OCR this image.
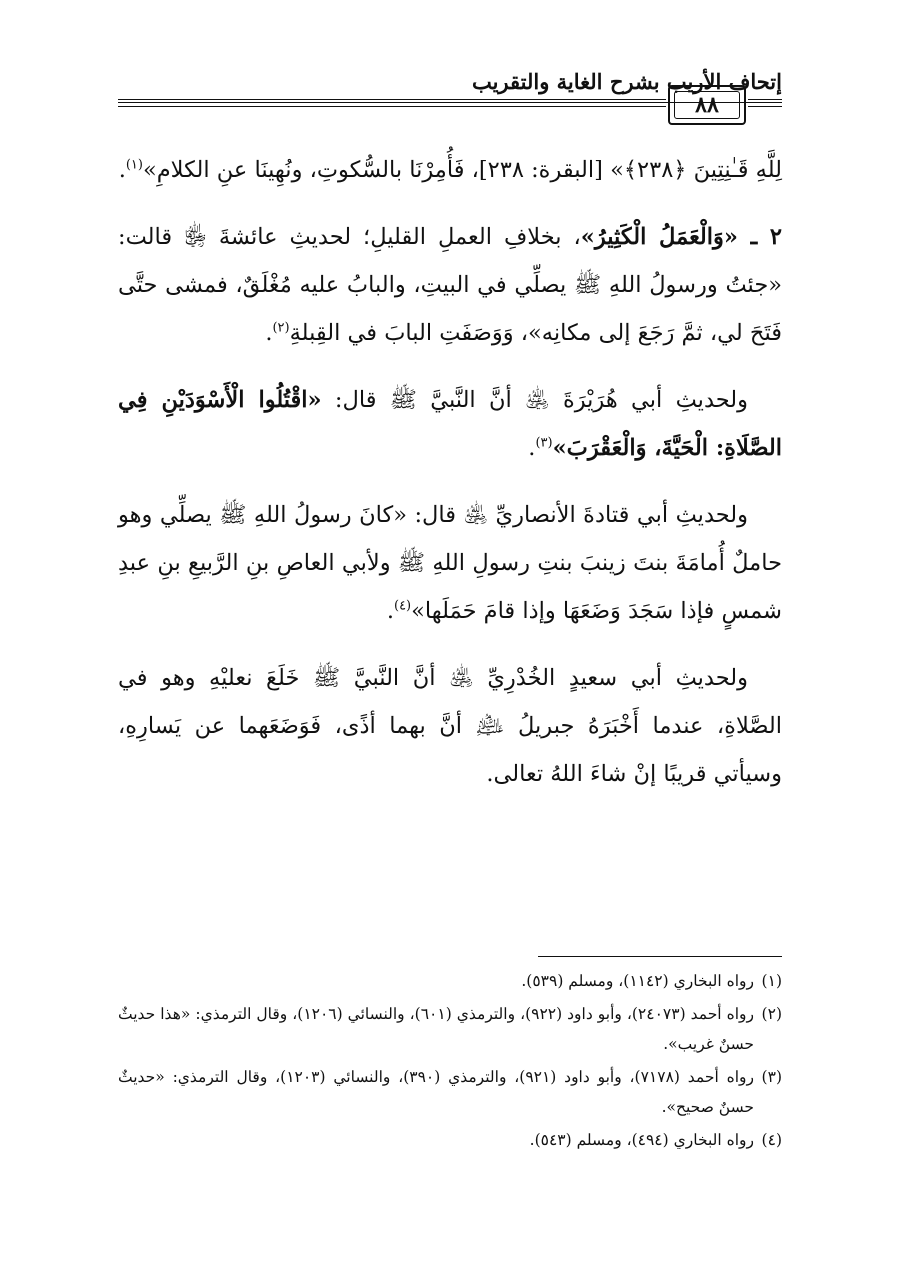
إتحاف الأريب بشرح الغاية والتقريب
٨٨

لِلَّهِ قَـٰنِتِينَ ﴿٢٣٨﴾» [البقرة: ٢٣٨]، فَأُمِرْنَا بالسُّكوتِ، ونُهِينَا عنِ الكلامِ»$^{(١)}$.

٢ ـ «وَالْعَمَلُ الْكَثِيرُ»، بخلافِ العملِ القليلِ؛ لحديثِ عائشةَ ﵂ قالت: «جئتُ ورسولُ اللهِ ﷺ يصلِّي في البيتِ، والبابُ عليه مُغْلَقٌ، فمشى حتَّى فَتَحَ لي، ثمَّ رَجَعَ إلى مكانِه»، وَوَصَفَتِ البابَ في القِبلةِ$^{(٢)}$.

ولحديثِ أبي هُرَيْرَةَ ﵁ أنَّ النَّبيَّ ﷺ قال: «اقْتُلُوا الْأَسْوَدَيْنِ فِي الصَّلَاةِ: الْحَيَّةَ، وَالْعَقْرَبَ»$^{(٣)}$.

ولحديثِ أبي قتادةَ الأنصاريِّ ﵁ قال: «كانَ رسولُ اللهِ ﷺ يصلِّي وهو حاملٌ أُمامَةَ بنتَ زينبَ بنتِ رسولِ اللهِ ﷺ ولأبي العاصِ بنِ الرَّبيعِ بنِ عبدِ شمسٍ فإذا سَجَدَ وَضَعَهَا وإذا قامَ حَمَلَها»$^{(٤)}$.

ولحديثِ أبي سعيدٍ الخُدْرِيِّ ﵁ أنَّ النَّبيَّ ﷺ خَلَعَ نعليْهِ وهو في الصَّلاةِ، عندما أَخْبَرَهُ جبريلُ ﵇ أنَّ بهما أذًى، فَوَضَعَهما عن يَسارِهِ، وسيأتي قريبًا إنْ شاءَ اللهُ تعالى.

(١)
رواه البخاري (١١٤٢)، ومسلم (٥٣٩).

(٢)
رواه أحمد (٢٤٠٧٣)، وأبو داود (٩٢٢)، والترمذي (٦٠١)، والنسائي (١٢٠٦)، وقال الترمذي: «هذا حديثٌ حسنٌ غريب».

(٣)
رواه أحمد (٧١٧٨)، وأبو داود (٩٢١)، والترمذي (٣٩٠)، والنسائي (١٢٠٣)، وقال الترمذي: «حديثٌ حسنٌ صحيح».

(٤)
رواه البخاري (٤٩٤)، ومسلم (٥٤٣).
